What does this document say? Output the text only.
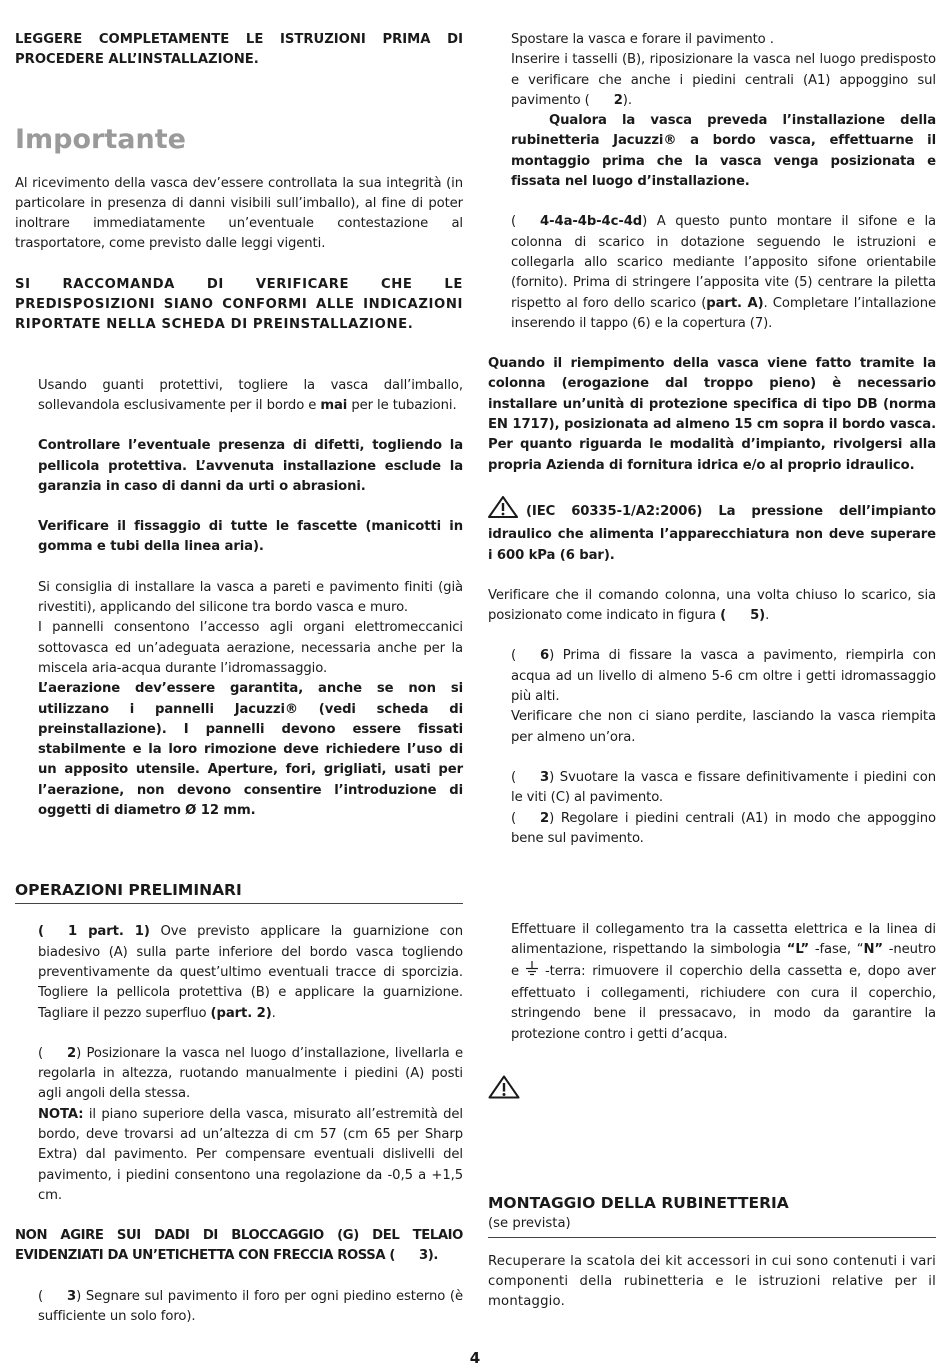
LEGGERE COMPLETAMENTE LE ISTRUZIONI PRIMA DI PROCEDERE ALL’INSTALLAZIONE.

Importante

Al ricevimento della vasca dev’essere controllata la sua integrità (in particolare in presenza di danni visibili sull’imballo), al fine di poter inoltrare immediatamente un’eventuale contestazione al trasportatore, come previsto dalle leggi vigenti.

SI RACCOMANDA DI VERIFICARE CHE LE PREDISPOSIZIONI SIANO CONFORMI ALLE INDICAZIONI RIPORTATE NELLA SCHEDA DI PREINSTALLAZIONE.

Usando guanti protettivi, togliere la vasca dall’imballo, sollevandola esclusivamente per il bordo e mai per le tubazioni.

Controllare l’eventuale presenza di difetti, togliendo la pellicola protettiva. L’avvenuta installazione esclude la garanzia in caso di danni da urti o abrasioni.

Verificare il fissaggio di tutte le fascette (manicotti in gomma e tubi della linea aria).

Si consiglia di installare la vasca a pareti e pavimento finiti (già rivestiti), applicando del silicone tra bordo vasca e muro.

I pannelli consentono l’accesso agli organi elettromeccanici sottovasca ed un’adeguata aerazione, necessaria anche per la miscela aria-acqua durante l’idromassaggio.

L’aerazione dev’essere garantita, anche se non si utilizzano i pannelli Jacuzzi® (vedi scheda di preinstallazione). I pannelli devono essere fissati stabilmente e la loro rimozione deve richiedere l’uso di un apposito utensile. Aperture, fori, grigliati, usati per l’aerazione, non devono consentire l’introduzione di oggetti di diametro Ø 12 mm.

OPERAZIONI PRELIMINARI

( 1 part. 1) Ove previsto applicare la guarnizione con biadesivo (A) sulla parte inferiore del bordo vasca togliendo preventivamente da quest’ultimo eventuali tracce di sporcizia. Togliere la pellicola protettiva (B) e applicare la guarnizione. Tagliare il pezzo superfluo (part. 2).

( 2) Posizionare la vasca nel luogo d’installazione, livellarla e regolarla in altezza, ruotando manualmente i piedini (A) posti agli angoli della stessa.

NOTA: il piano superiore della vasca, misurato all’estremità del bordo, deve trovarsi ad un’altezza di cm 57 (cm 65 per Sharp Extra) dal pavimento. Per compensare eventuali dislivelli del pavimento, i piedini consentono una regolazione da -0,5 a +1,5 cm.

NON AGIRE SUI DADI DI BLOCCAGGIO (G) DEL TELAIO EVIDENZIATI DA UN’ETICHETTA CON FRECCIA ROSSA ( 3).

( 3) Segnare sul pavimento il foro per ogni piedino esterno (è sufficiente un solo foro).

Spostare la vasca e forare il pavimento .

Inserire i tasselli (B), riposizionare la vasca nel luogo predisposto e verificare che anche i piedini centrali (A1) appoggino sul pavimento ( 2).

Qualora la vasca preveda l’installazione della rubinetteria Jacuzzi® a bordo vasca, effettuarne il montaggio prima che la vasca venga posizionata e fissata nel luogo d’installazione.

( 4-4a-4b-4c-4d) A questo punto montare il sifone e la colonna di scarico in dotazione seguendo le istruzioni e collegarla allo scarico mediante l’apposito sifone orientabile (fornito). Prima di stringere l’apposita vite (5) centrare la piletta rispetto al foro dello scarico (part. A). Completare l’intallazione inserendo il tappo (6) e la copertura (7).

Quando il riempimento della vasca viene fatto tramite la colonna (erogazione dal troppo pieno) è necessario installare un’unità di protezione specifica di tipo DB (norma EN 1717), posizionata ad almeno 15 cm sopra il bordo vasca. Per quanto riguarda le modalità d’impianto, rivolgersi alla propria Azienda di fornitura idrica e/o al proprio idraulico.

(IEC 60335-1/A2:2006) La pressione dell’impianto idraulico che alimenta l’apparecchiatura non deve superare i 600 kPa (6 bar).

Verificare che il comando colonna, una volta chiuso lo scarico, sia posizionato come indicato in figura ( 5).

( 6) Prima di fissare la vasca a pavimento, riempirla con acqua ad un livello di almeno 5-6 cm oltre i getti idromassaggio più alti.

Verificare che non ci siano perdite, lasciando la vasca riempita per almeno un’ora.

( 3) Svuotare la vasca e fissare definitivamente i piedini con le viti (C) al pavimento.

( 2) Regolare i piedini centrali (A1) in modo che appoggino bene sul pavimento.

Effettuare il collegamento tra la cassetta elettrica e la linea di alimentazione, rispettando la simbologia “L” -fase, “N” -neutro e -terra: rimuovere il coperchio della cassetta e, dopo aver effettuato i collegamenti, richiudere con cura il coperchio, stringendo bene il pressacavo, in modo da garantire la protezione contro i getti d’acqua.

MONTAGGIO DELLA RUBINETTERIA

(se prevista)

Recuperare la scatola dei kit accessori in cui sono contenuti i vari componenti della rubinetteria e le istruzioni relative per il montaggio.

4
